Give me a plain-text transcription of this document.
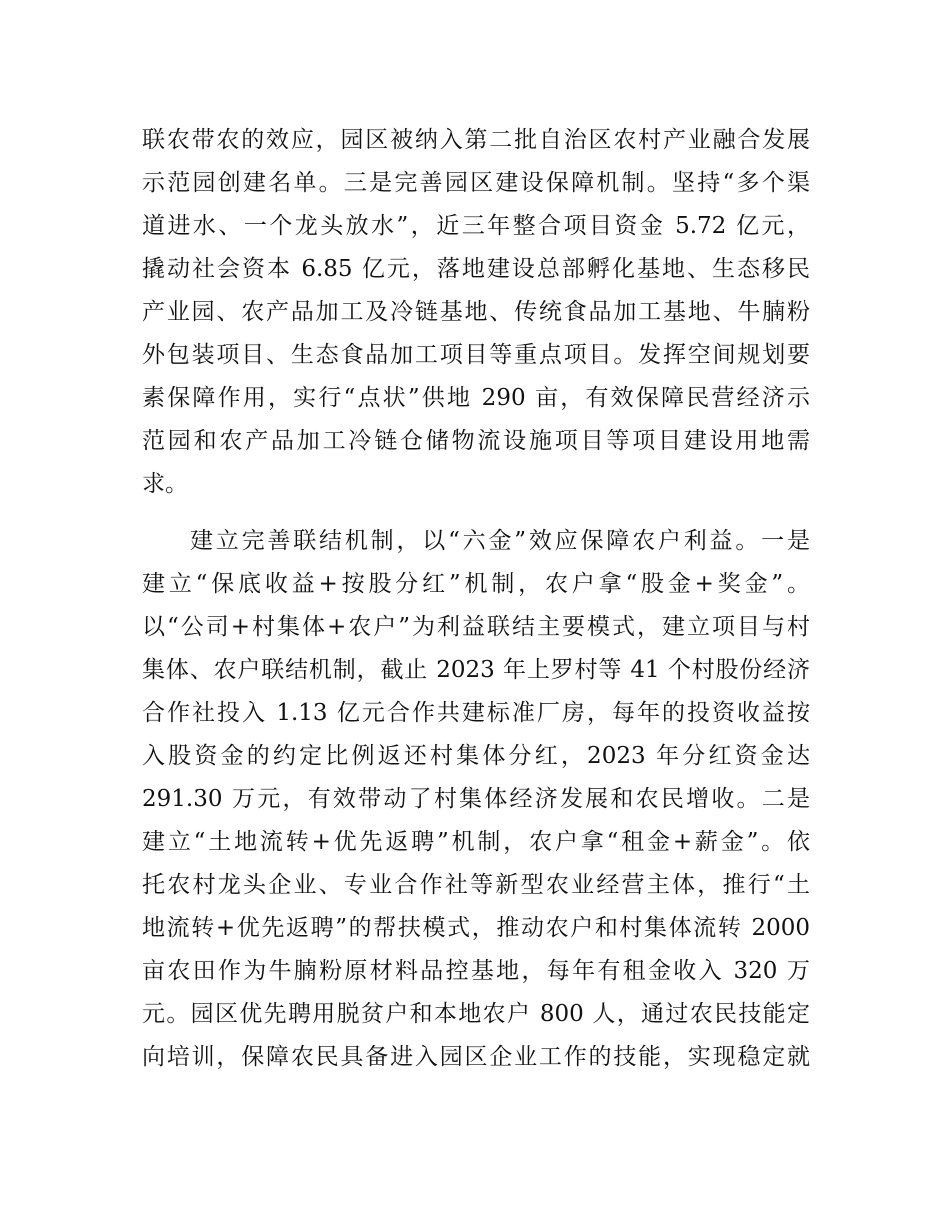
联农带农的效应，园区被纳入第二批自治区农村产业融合发展
示范园创建名单。三是完善园区建设保障机制。坚持“多个渠
道进水、一个龙头放水”，近三年整合项目资金 5.72 亿元，
撬动社会资本 6.85 亿元，落地建设总部孵化基地、生态移民
产业园、农产品加工及冷链基地、传统食品加工基地、牛腩粉
外包装项目、生态食品加工项目等重点项目。发挥空间规划要
素保障作用，实行“点状”供地 290 亩，有效保障民营经济示
范园和农产品加工冷链仓储物流设施项目等项目建设用地需
求。
建立完善联结机制，以“六金”效应保障农户利益。一是
建立“保底收益+按股分红”机制，农户拿“股金+奖金”。
以“公司+村集体+农户”为利益联结主要模式，建立项目与村
集体、农户联结机制，截止 2023 年上罗村等 41 个村股份经济
合作社投入 1.13 亿元合作共建标准厂房，每年的投资收益按
入股资金的约定比例返还村集体分红，2023 年分红资金达
291.30 万元，有效带动了村集体经济发展和农民增收。二是
建立“土地流转+优先返聘”机制，农户拿“租金+薪金”。依
托农村龙头企业、专业合作社等新型农业经营主体，推行“土
地流转+优先返聘”的帮扶模式，推动农户和村集体流转 2000
亩农田作为牛腩粉原材料品控基地，每年有租金收入 320 万
元。园区优先聘用脱贫户和本地农户 800 人，通过农民技能定
向培训，保障农民具备进入园区企业工作的技能，实现稳定就
